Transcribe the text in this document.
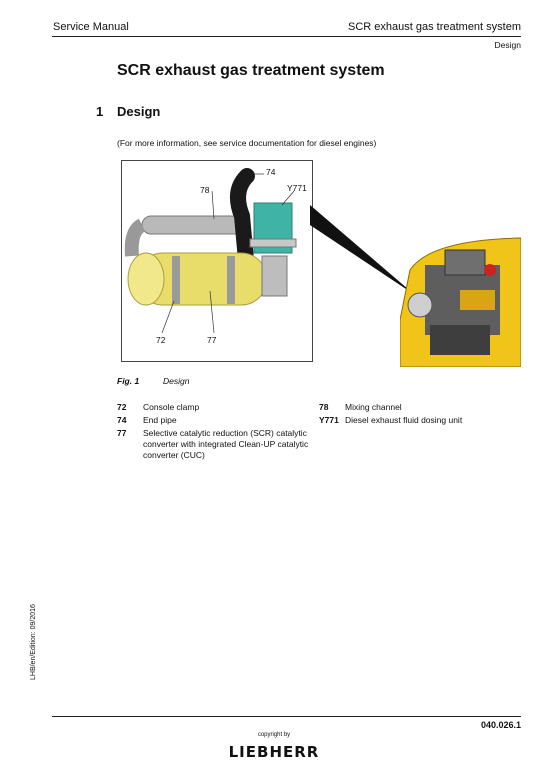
Service Manual	SCR exhaust gas treatment system
Design
SCR exhaust gas treatment system
1 Design
(For more information, see service documentation for diesel engines)
74
78	Y771
72	77
Fig. 1	Design
72 Console clamp
74 End pipe
77 Selective catalytic reduction (SCR) catalytic converter with integrated Clean-UP catalytic converter (CUC)
78 Mixing channel
Y771 Diesel exhaust fluid dosing unit
LHB/en/Edition: 09/2016
040.026.1
copyright by
LIEBHERR
